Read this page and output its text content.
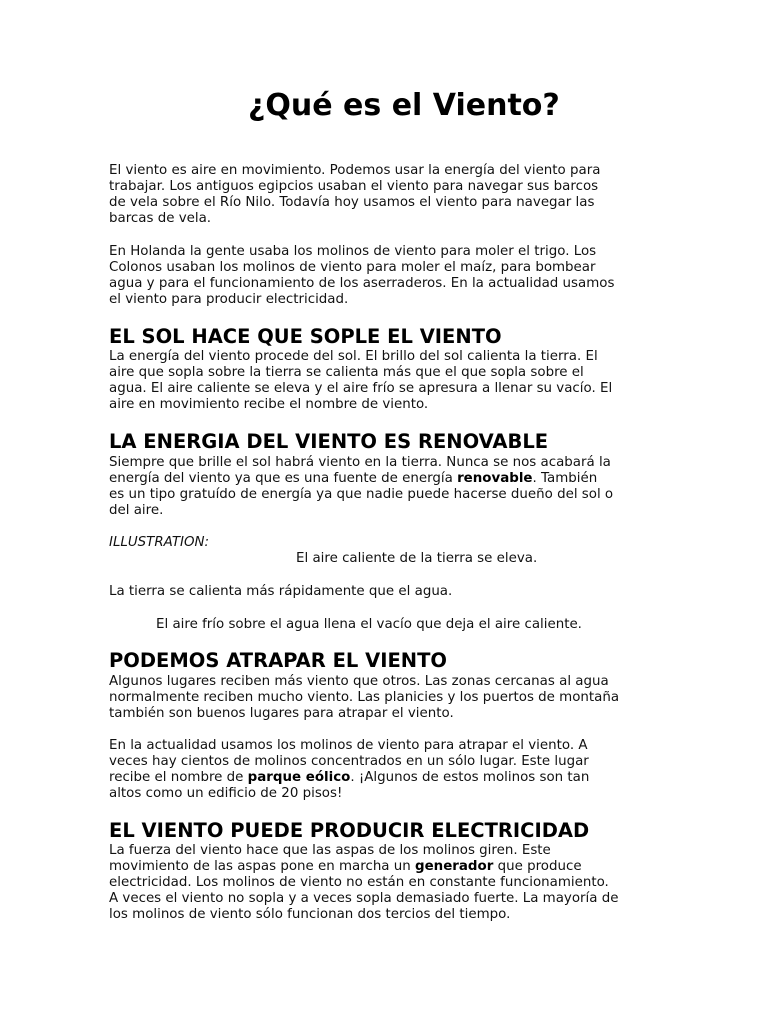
¿Qué es el Viento?

El viento es aire en movimiento. Podemos usar la energía del viento para
trabajar. Los antiguos egipcios usaban el viento para navegar sus barcos
de vela sobre el Río Nilo. Todavía hoy usamos el viento para navegar las
barcas de vela.

En Holanda la gente usaba los molinos de viento para moler el trigo. Los
Colonos usaban los molinos de viento para moler el maíz, para bombear
agua y para el funcionamiento de los aserraderos. En la actualidad usamos
el viento para producir electricidad.

EL SOL HACE QUE SOPLE EL VIENTO

La energía del viento procede del sol. El brillo del sol calienta la tierra. El
aire que sopla sobre la tierra se calienta más que el que sopla sobre el
agua. El aire caliente se eleva y el aire frío se apresura a llenar su vacío. El
aire en movimiento recibe el nombre de viento.

LA ENERGIA DEL VIENTO ES RENOVABLE

Siempre que brille el sol habrá viento en la tierra. Nunca se nos acabará la
energía del viento ya que es una fuente de energía renovable. También
es un tipo gratuído de energía ya que nadie puede hacerse dueño del sol o
del aire.

ILLUSTRATION:

El aire caliente de la tierra se eleva.

La tierra se calienta más rápidamente que el agua.

El aire frío sobre el agua llena el vacío que deja el aire caliente.

PODEMOS ATRAPAR EL VIENTO

Algunos lugares reciben más viento que otros. Las zonas cercanas al agua
normalmente reciben mucho viento. Las planicies y los puertos de montaña
también son buenos lugares para atrapar el viento.

En la actualidad usamos los molinos de viento para atrapar el viento. A
veces hay cientos de molinos concentrados en un sólo lugar. Este lugar
recibe el nombre de parque eólico. ¡Algunos de estos molinos son tan
altos como un edificio de 20 pisos!

EL VIENTO PUEDE PRODUCIR ELECTRICIDAD

La fuerza del viento hace que las aspas de los molinos giren. Este
movimiento de las aspas pone en marcha un generador que produce
electricidad. Los molinos de viento no están en constante funcionamiento.
A veces el viento no sopla y a veces sopla demasiado fuerte. La mayoría de
los molinos de viento sólo funcionan dos tercios del tiempo.
